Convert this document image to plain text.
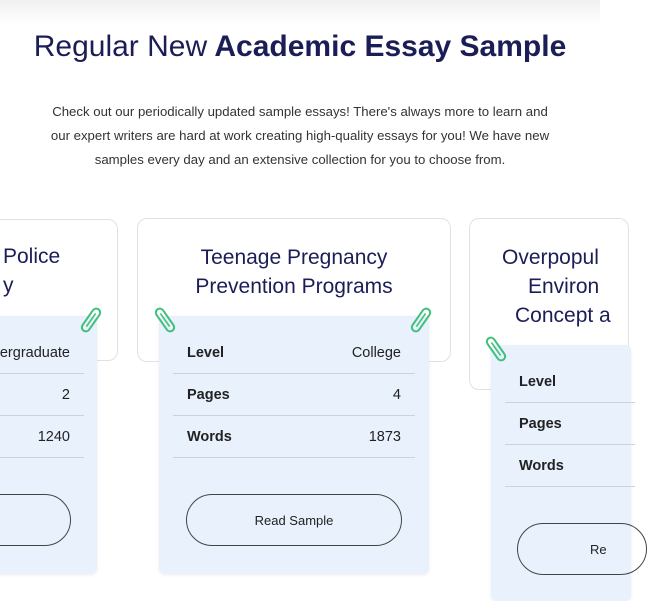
Regular New Academic Essay Sample
Check out our periodically updated sample essays! There's always more to learn and
our expert writers are hard at work creating high-quality essays for you! We have new
samples every day and an extensive collection for you to choose from.
Police
y
ergraduate
2
1240
Teenage Pregnancy
Prevention Programs
Level	College
Pages	4
Words	1873
Read Sample
Overpopul
Environ
Concept a
Level
Pages
Words
Re
